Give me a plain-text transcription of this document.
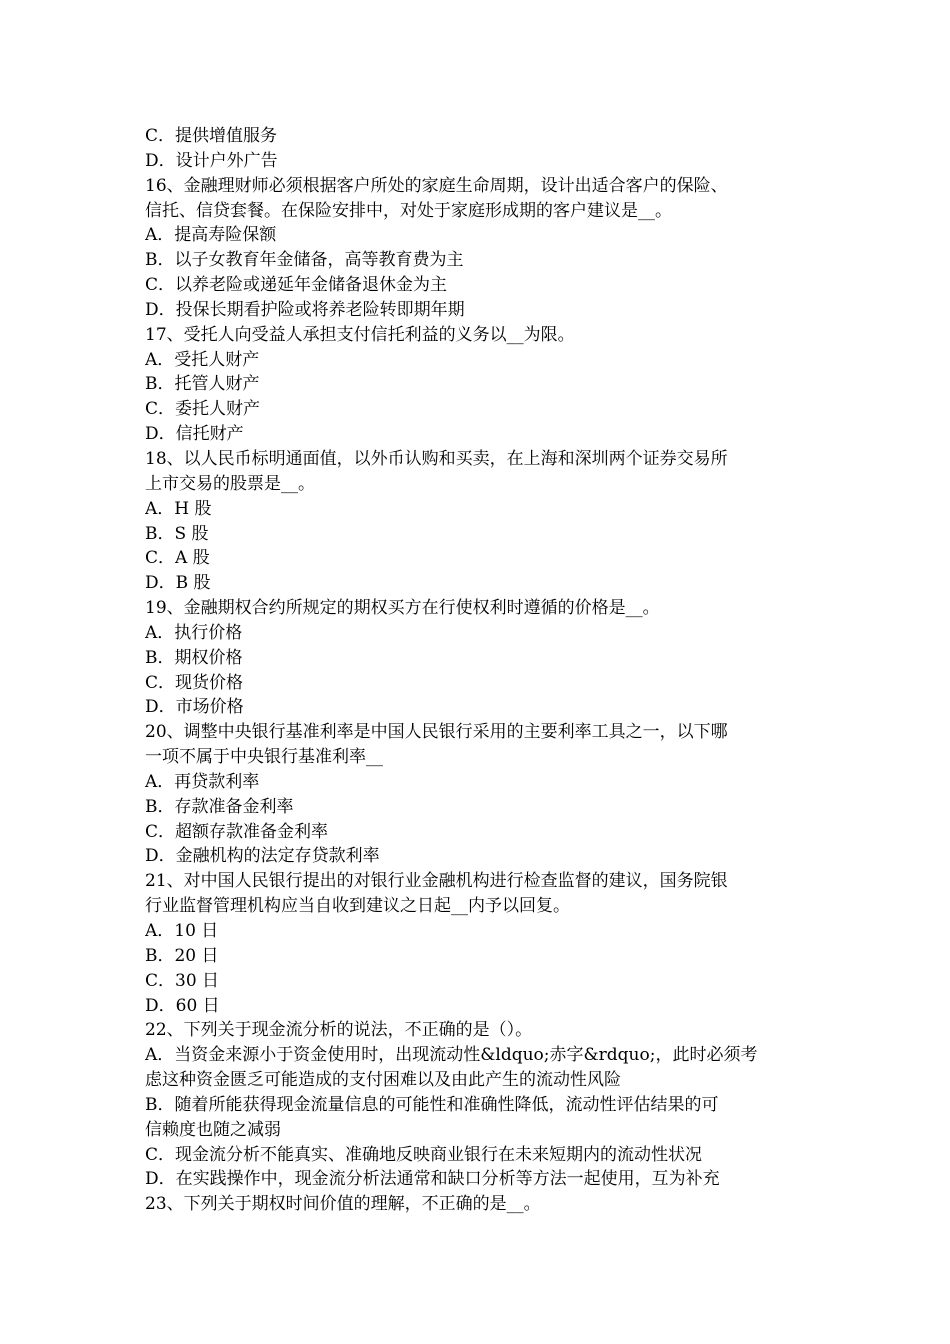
C．提供增值服务
D．设计户外广告
16、金融理财师必须根据客户所处的家庭生命周期，设计出适合客户的保险、
信托、信贷套餐。在保险安排中，对处于家庭形成期的客户建议是__。
A．提高寿险保额
B．以子女教育年金储备，高等教育费为主
C．以养老险或递延年金储备退休金为主
D．投保长期看护险或将养老险转即期年期
17、受托人向受益人承担支付信托利益的义务以__为限。
A．受托人财产
B．托管人财产
C．委托人财产
D．信托财产
18、以人民币标明通面值，以外币认购和买卖，在上海和深圳两个证券交易所
上市交易的股票是__。
A．H 股
B．S 股
C．A 股
D．B 股
19、金融期权合约所规定的期权买方在行使权利时遵循的价格是__。
A．执行价格
B．期权价格
C．现货价格
D．市场价格
20、调整中央银行基准利率是中国人民银行采用的主要利率工具之一，以下哪
一项不属于中央银行基准利率__
A．再贷款利率
B．存款准备金利率
C．超额存款准备金利率
D．金融机构的法定存贷款利率
21、对中国人民银行提出的对银行业金融机构进行检查监督的建议，国务院银
行业监督管理机构应当自收到建议之日起__内予以回复。
A．10 日
B．20 日
C．30 日
D．60 日
22、下列关于现金流分析的说法，不正确的是（）。
A．当资金来源小于资金使用时，出现流动性&ldquo;赤字&rdquo;，此时必须考
虑这种资金匮乏可能造成的支付困难以及由此产生的流动性风险
B．随着所能获得现金流量信息的可能性和准确性降低，流动性评估结果的可
信赖度也随之减弱
C．现金流分析不能真实、准确地反映商业银行在未来短期内的流动性状况
D．在实践操作中，现金流分析法通常和缺口分析等方法一起使用，互为补充
23、下列关于期权时间价值的理解，不正确的是__。
